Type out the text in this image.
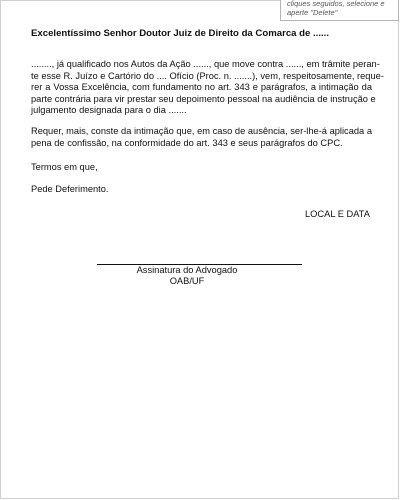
cliques seguidos, selecione e
aperte "Delete"
Excelentíssimo Senhor Doutor Juiz de Direito da Comarca de ......
........, já qualificado nos Autos da Ação ......, que move contra ......, em trâmite peran-
te esse R. Juízo e Cartório do .... Ofício (Proc. n. .......), vem, respeitosamente, reque-
rer a Vossa Excelência, com fundamento no art. 343 e parágrafos, a intimação da
parte contrária para vir prestar seu depoimento pessoal na audiência de instrução e
julgamento designada para o dia .......
Requer, mais, conste da intimação que, em caso de ausência, ser-lhe-á aplicada a
pena de confissão, na conformidade do art. 343 e seus parágrafos do CPC.
Termos em que,
Pede Deferimento.
LOCAL E DATA
Assinatura do Advogado
OAB/UF
